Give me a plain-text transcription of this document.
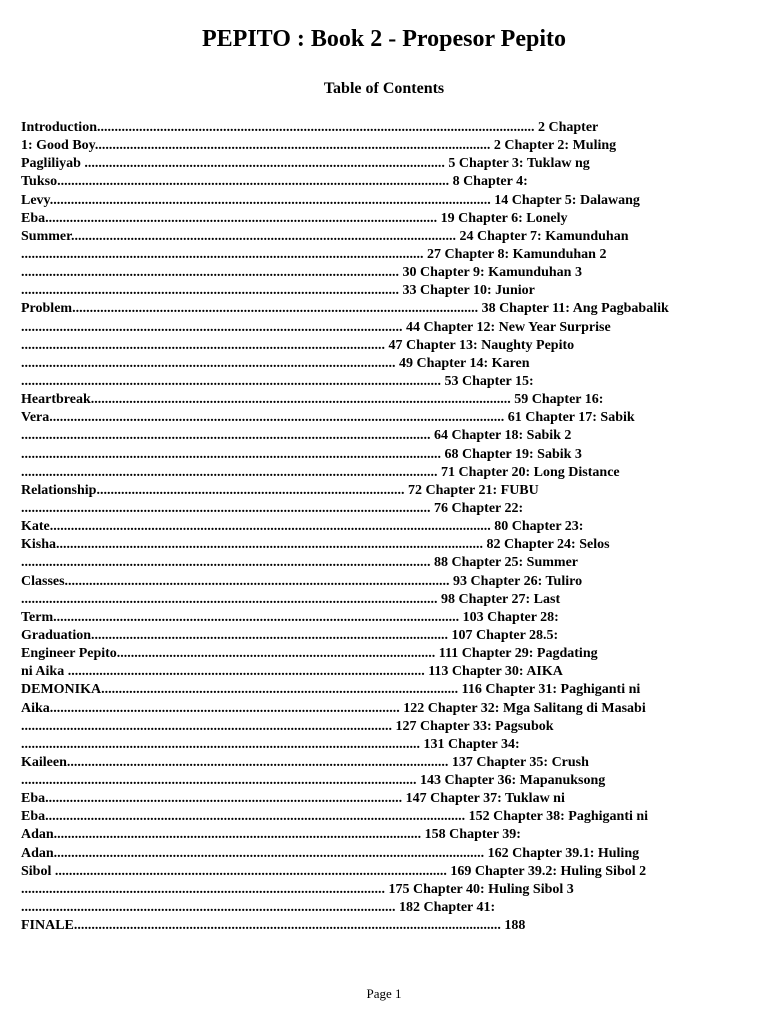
PEPITO : Book 2 - Propesor Pepito
Table of Contents
Introduction............................................................................................................................. 2 Chapter
1: Good Boy................................................................................................................. 2 Chapter 2: Muling
Pagliliyab ....................................................................................................... 5 Chapter 3: Tuklaw ng
Tukso................................................................................................................ 8 Chapter 4:
Levy.............................................................................................................................. 14 Chapter 5: Dalawang
Eba................................................................................................................ 19 Chapter 6: Lonely
Summer.............................................................................................................. 24 Chapter 7: Kamunduhan
................................................................................................................... 27 Chapter 8: Kamunduhan 2
............................................................................................................ 30 Chapter 9: Kamunduhan 3
............................................................................................................ 33 Chapter 10: Junior
Problem.................................................................................................................... 38 Chapter 11: Ang Pagbabalik
............................................................................................................. 44 Chapter 12: New Year Surprise
........................................................................................................ 47 Chapter 13: Naughty Pepito
........................................................................................................... 49 Chapter 14: Karen
........................................................................................................................ 53 Chapter 15:
Heartbreak........................................................................................................................ 59 Chapter 16:
Vera.................................................................................................................................. 61 Chapter 17: Sabik
..................................................................................................................... 64 Chapter 18: Sabik 2
........................................................................................................................ 68 Chapter 19: Sabik 3
....................................................................................................................... 71 Chapter 20: Long Distance
Relationship........................................................................................ 72 Chapter 21: FUBU
..................................................................................................................... 76 Chapter 22:
Kate.............................................................................................................................. 80 Chapter 23:
Kisha.......................................................................................................................... 82 Chapter 24: Selos
..................................................................................................................... 88 Chapter 25: Summer
Classes.............................................................................................................. 93 Chapter 26: Tuliro
....................................................................................................................... 98 Chapter 27: Last
Term.................................................................................................................... 103 Chapter 28:
Graduation...................................................................................................... 107 Chapter 28.5:
Engineer Pepito........................................................................................... 111 Chapter 29: Pagdating
ni Aika ...................................................................................................... 113 Chapter 30: AIKA
DEMONIKA...................................................................................................... 116 Chapter 31: Paghiganti ni
Aika.................................................................................................... 122 Chapter 32: Mga Salitang di Masabi
.......................................................................................................... 127 Chapter 33: Pagsubok
.................................................................................................................. 131 Chapter 34:
Kaileen............................................................................................................. 137 Chapter 35: Crush
................................................................................................................. 143 Chapter 36: Mapanuksong
Eba...................................................................................................... 147 Chapter 37: Tuklaw ni
Eba........................................................................................................................ 152 Chapter 38: Paghiganti ni
Adan......................................................................................................... 158 Chapter 39:
Adan........................................................................................................................... 162 Chapter 39.1: Huling
Sibol ................................................................................................................ 169 Chapter 39.2: Huling Sibol 2
........................................................................................................ 175 Chapter 40: Huling Sibol 3
........................................................................................................... 182 Chapter 41:
FINALE.......................................................................................................................... 188
Page 1
